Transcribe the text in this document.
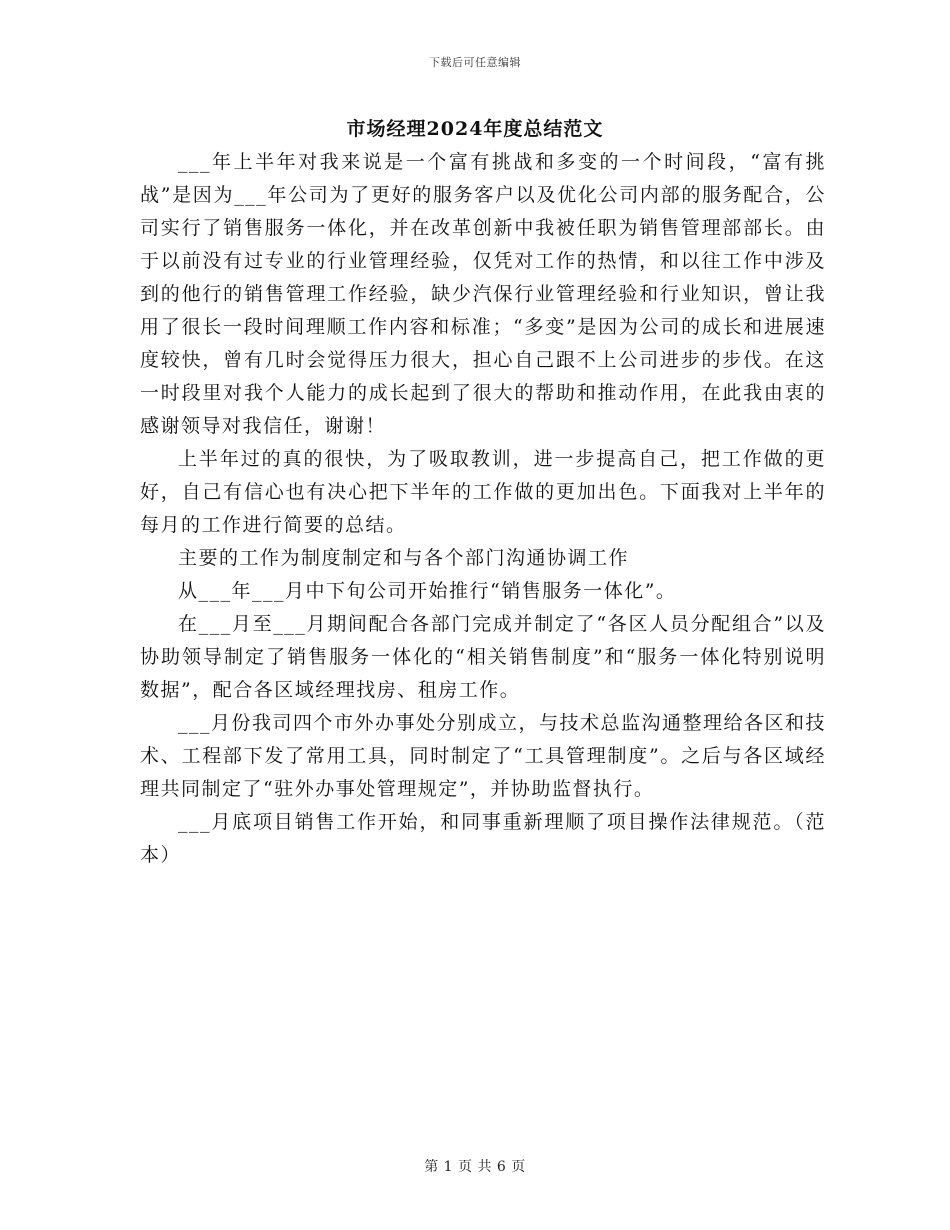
下载后可任意编辑
市场经理2024年度总结范文

___年上半年对我来说是一个富有挑战和多变的一个时间段，“富有挑战”是因为___年公司为了更好的服务客户以及优化公司内部的服务配合，公司实行了销售服务一体化，并在改革创新中我被任职为销售管理部部长。由于以前没有过专业的行业管理经验，仅凭对工作的热情，和以往工作中涉及到的他行的销售管理工作经验，缺少汽保行业管理经验和行业知识，曾让我用了很长一段时间理顺工作内容和标准；“多变”是因为公司的成长和进展速度较快，曾有几时会觉得压力很大，担心自己跟不上公司进步的步伐。在这一时段里对我个人能力的成长起到了很大的帮助和推动作用，在此我由衷的感谢领导对我信任，谢谢！

上半年过的真的很快，为了吸取教训，进一步提高自己，把工作做的更好，自己有信心也有决心把下半年的工作做的更加出色。下面我对上半年的每月的工作进行简要的总结。

主要的工作为制度制定和与各个部门沟通协调工作

从___年___月中下旬公司开始推行“销售服务一体化”。

在___月至___月期间配合各部门完成并制定了“各区人员分配组合”以及协助领导制定了销售服务一体化的“相关销售制度”和“服务一体化特别说明数据”，配合各区域经理找房、租房工作。

___月份我司四个市外办事处分别成立，与技术总监沟通整理给各区和技术、工程部下发了常用工具，同时制定了“工具管理制度”。之后与各区域经理共同制定了“驻外办事处管理规定”，并协助监督执行。

___月底项目销售工作开始，和同事重新理顺了项目操作法律规范。（范本）

第 1 页 共 6 页
